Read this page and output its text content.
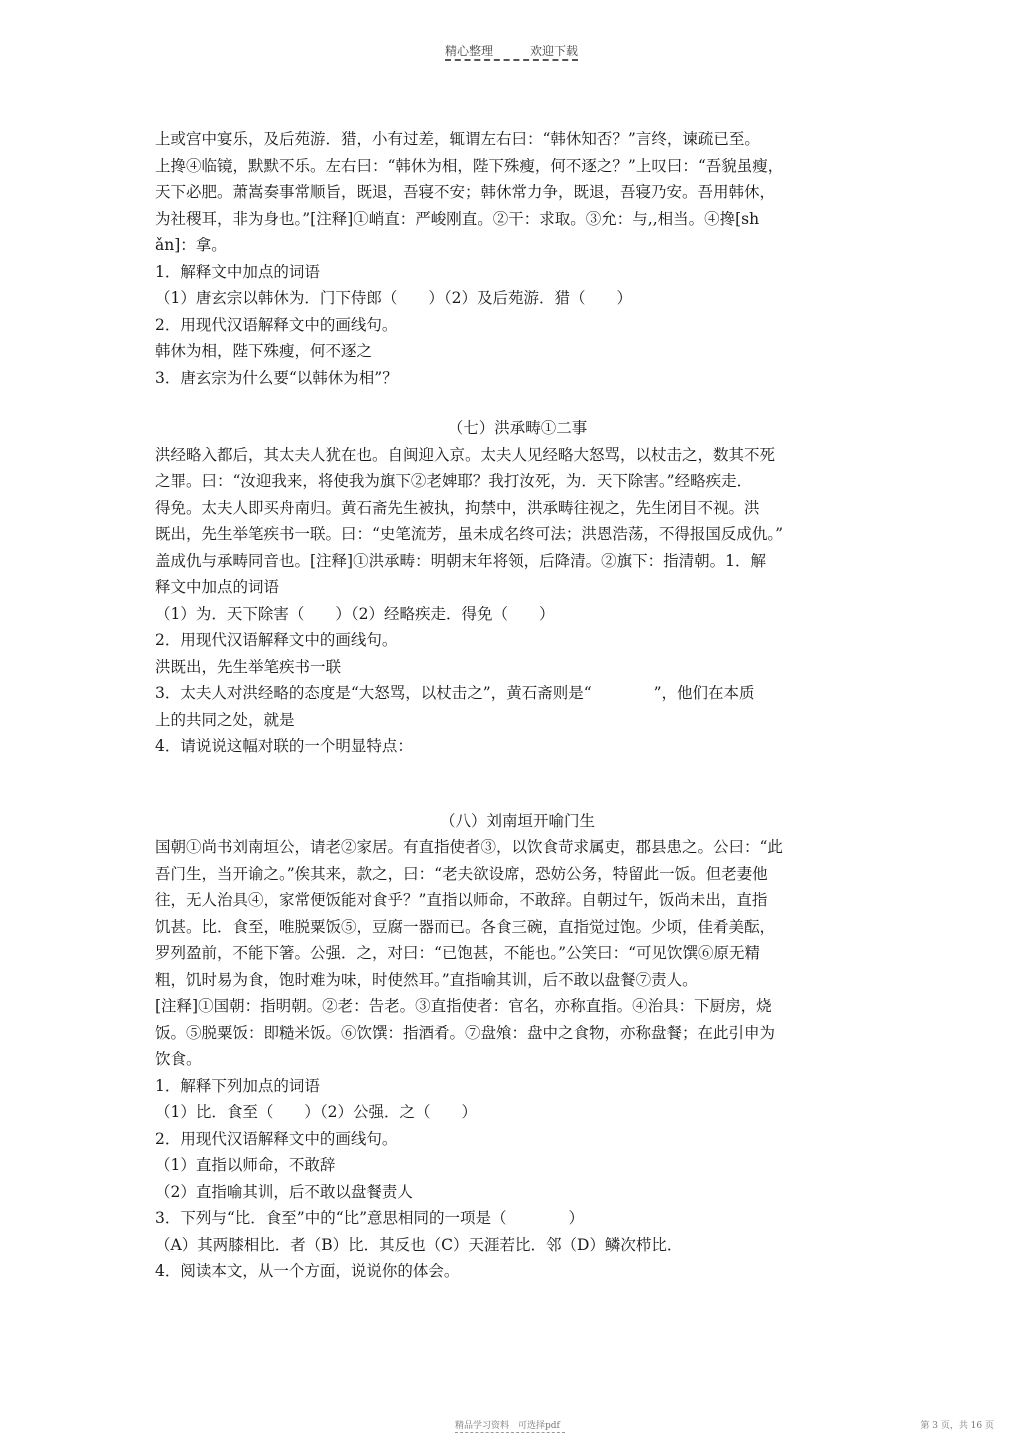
精心整理	欢迎下载
上或宫中宴乐，及后苑游．猎，小有过差，辄谓左右曰：“韩休知否？”言终，谏疏已至。
上搀④临镜，默默不乐。左右曰：“韩休为相，陛下殊瘦，何不逐之？”上叹曰：“吾貌虽瘦，
天下必肥。萧嵩奏事常顺旨，既退，吾寝不安；韩休常力争，既退，吾寝乃安。吾用韩休，
为社稷耳，非为身也。”[注释]①峭直：严峻刚直。②干：求取。③允：与,,相当。④搀[sh
ǎn]：拿。
1．解释文中加点的词语
（1）唐玄宗以韩休为．门下侍郎（　　）（2）及后苑游．猎（　　）
2．用现代汉语解释文中的画线句。
韩休为相，陛下殊瘦，何不逐之
3．唐玄宗为什么要“以韩休为相”？
（七）洪承畴①二事
洪经略入都后，其太夫人犹在也。自闽迎入京。太夫人见经略大怒骂，以杖击之，数其不死
之罪。曰：“汝迎我来，将使我为旗下②老婢耶？我打汝死，为．天下除害。”经略疾走．
得免。太夫人即买舟南归。黄石斋先生被执，拘禁中，洪承畴往视之，先生闭目不视。洪
既出，先生举笔疾书一联。曰：“史笔流芳，虽未成名终可法；洪恩浩荡，不得报国反成仇。”
盖成仇与承畴同音也。[注释]①洪承畴：明朝末年将领，后降清。②旗下：指清朝。1．解
释文中加点的词语
（1）为．天下除害（　　）（2）经略疾走．得免（　　）
2．用现代汉语解释文中的画线句。
洪既出，先生举笔疾书一联
3．太夫人对洪经略的态度是“大怒骂，以杖击之”，黄石斋则是“　　　　”，他们在本质
上的共同之处，就是
4．请说说这幅对联的一个明显特点：
（八）刘南垣开喻门生
国朝①尚书刘南垣公，请老②家居。有直指使者③，以饮食苛求属吏，郡县患之。公曰：“此
吾门生，当开谕之。”俟其来，款之，曰：“老夫欲设席，恐妨公务，特留此一饭。但老妻他
往，无人治具④，家常便饭能对食乎？”直指以师命，不敢辞。自朝过午，饭尚未出，直指
饥甚。比．食至，唯脱粟饭⑤，豆腐一器而已。各食三碗，直指觉过饱。少顷，佳肴美酝，
罗列盈前，不能下箸。公强．之，对曰：“已饱甚，不能也。”公笑曰：“可见饮馔⑥原无精
粗，饥时易为食，饱时难为味，时使然耳。”直指喻其训，后不敢以盘餐⑦责人。
[注释]①国朝：指明朝。②老：告老。③直指使者：官名，亦称直指。④治具：下厨房，烧
饭。⑤脱粟饭：即糙米饭。⑥饮馔：指酒肴。⑦盘飧：盘中之食物，亦称盘餐；在此引申为
饮食。
1．解释下列加点的词语
（1）比．食至（　　）（2）公强．之（　　）
2．用现代汉语解释文中的画线句。
（1）直指以师命，不敢辞
（2）直指喻其训，后不敢以盘餐责人
3．下列与“比．食至”中的“比”意思相同的一项是（　　　　）
（A）其两膝相比．者（B）比．其反也（C）天涯若比．邻（D）鳞次栉比．
4．阅读本文，从一个方面，说说你的体会。
精品学习资料　可选择pdf	第 3 页，共 16 页
